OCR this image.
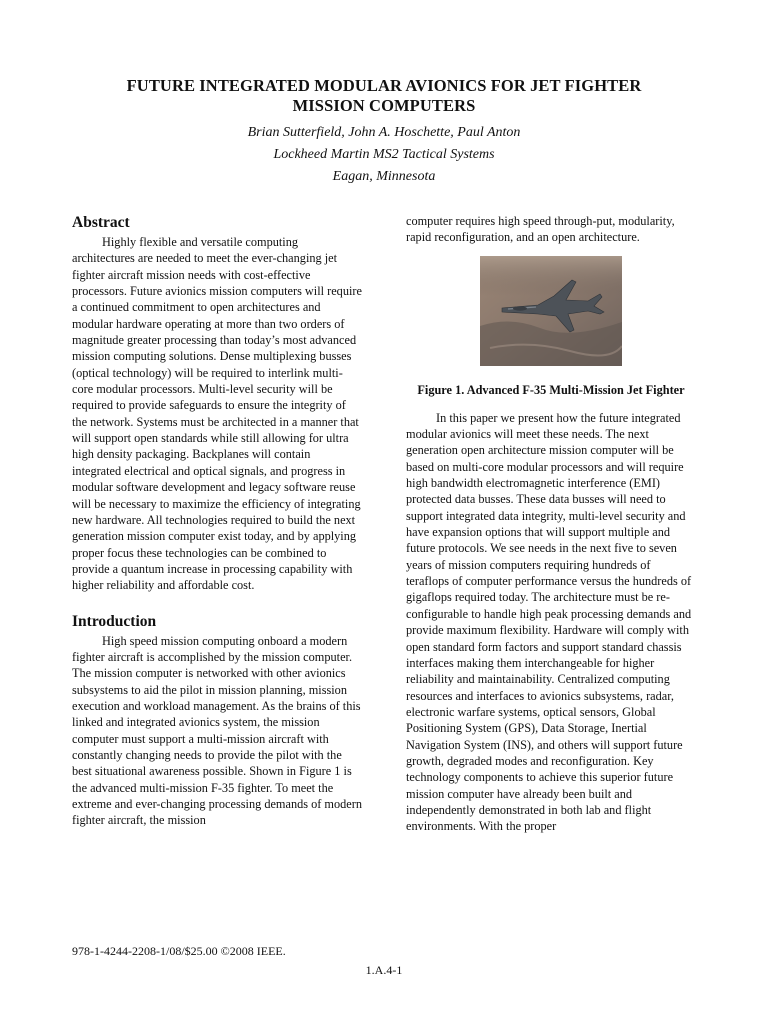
FUTURE INTEGRATED MODULAR AVIONICS FOR JET FIGHTER
MISSION COMPUTERS
Brian Sutterfield, John A. Hoschette, Paul Anton
Lockheed Martin MS2 Tactical Systems
Eagan, Minnesota
Abstract

Highly flexible and versatile computing architectures are needed to meet the ever-changing jet fighter aircraft mission needs with cost-effective processors. Future avionics mission computers will require a continued commitment to open architectures and modular hardware operating at more than two orders of magnitude greater processing than today’s most advanced mission computing solutions. Dense multiplexing busses (optical technology) will be required to interlink multi-core modular processors. Multi-level security will be required to provide safeguards to ensure the integrity of the network. Systems must be architected in a manner that will support open standards while still allowing for ultra high density packaging. Backplanes will contain integrated electrical and optical signals, and progress in modular software development and legacy software reuse will be necessary to maximize the efficiency of integrating new hardware. All technologies required to build the next generation mission computer exist today, and by applying proper focus these technologies can be combined to provide a quantum increase in processing capability with higher reliability and affordable cost.

Introduction

High speed mission computing onboard a modern fighter aircraft is accomplished by the mission computer. The mission computer is networked with other avionics subsystems to aid the pilot in mission planning, mission execution and workload management. As the brains of this linked and integrated avionics system, the mission computer must support a multi-mission aircraft with constantly changing needs to provide the pilot with the best situational awareness possible. Shown in Figure 1 is the advanced multi-mission F-35 fighter. To meet the extreme and ever-changing processing demands of modern fighter aircraft, the mission

computer requires high speed through-put, modularity, rapid reconfiguration, and an open architecture.

Figure 1. Advanced F-35 Multi-Mission Jet Fighter

In this paper we present how the future integrated modular avionics will meet these needs. The next generation open architecture mission computer will be based on multi-core modular processors and will require high bandwidth electromagnetic interference (EMI) protected data busses. These data busses will need to support integrated data integrity, multi-level security and have expansion options that will support multiple and future protocols. We see needs in the next five to seven years of mission computers requiring hundreds of teraflops of computer performance versus the hundreds of gigaflops required today. The architecture must be re-configurable to handle high peak processing demands and provide maximum flexibility. Hardware will comply with open standard form factors and support standard chassis interfaces making them interchangeable for higher reliability and maintainability. Centralized computing resources and interfaces to avionics subsystems, radar, electronic warfare systems, optical sensors, Global Positioning System (GPS), Data Storage, Inertial Navigation System (INS), and others will support future growth, degraded modes and reconfiguration. Key technology components to achieve this superior future mission computer have already been built and independently demonstrated in both lab and flight environments. With the proper

978-1-4244-2208-1/08/$25.00 ©2008 IEEE.
1.A.4-1
